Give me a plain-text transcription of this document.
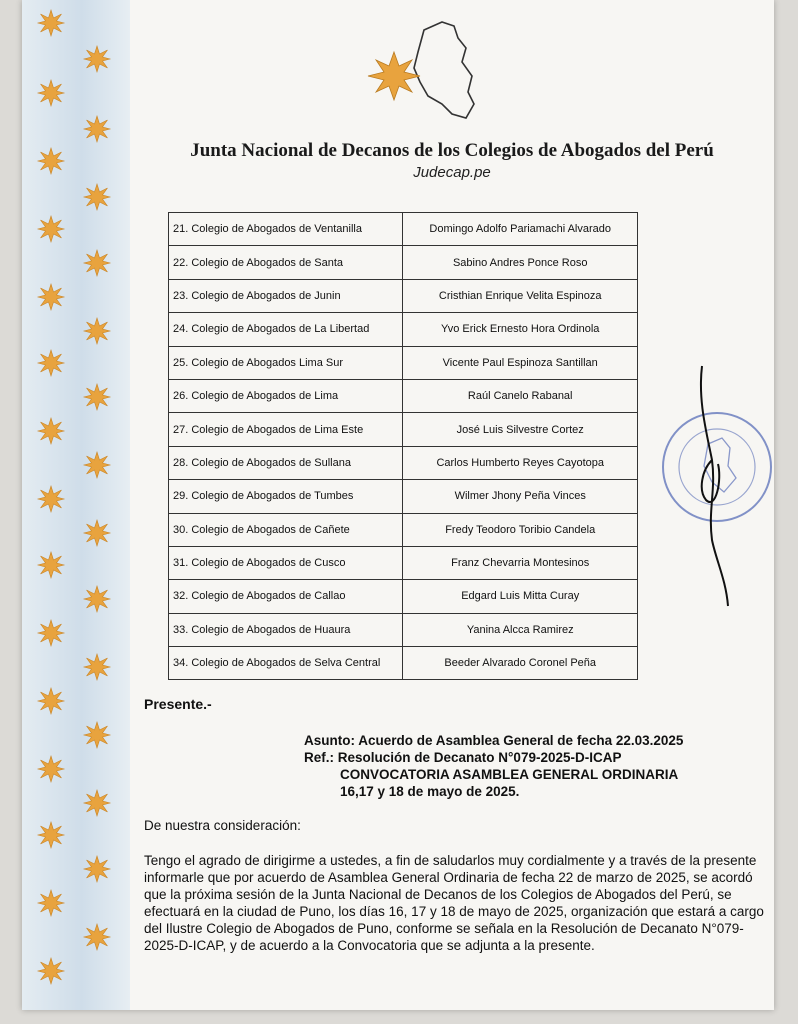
Junta Nacional de Decanos de los Colegios de Abogados del Perú
Judecap.pe
21. Colegio de Abogados de Ventanilla	Domingo Adolfo Pariamachi Alvarado
22. Colegio de Abogados de Santa	Sabino Andres Ponce Roso
23. Colegio de Abogados de Junin	Cristhian Enrique Velita Espinoza
24. Colegio de Abogados de La Libertad	Yvo Erick Ernesto Hora Ordinola
25. Colegio de Abogados Lima Sur	Vicente Paul Espinoza Santillan
26. Colegio de Abogados de Lima	Raúl Canelo Rabanal
27. Colegio de Abogados de Lima Este	José Luis Silvestre Cortez
28. Colegio de Abogados de Sullana	Carlos Humberto Reyes Cayotopa
29. Colegio de Abogados de Tumbes	Wilmer Jhony Peña Vinces
30. Colegio de Abogados de Cañete	Fredy Teodoro Toribio Candela
31. Colegio de Abogados de Cusco	Franz Chevarria Montesinos
32. Colegio de Abogados de Callao	Edgard Luis Mitta Curay
33. Colegio de Abogados de Huaura	Yanina Alcca Ramirez
34. Colegio de Abogados de Selva Central	Beeder Alvarado Coronel Peña
Presente.-
Asunto: Acuerdo de Asamblea General de fecha 22.03.2025
Ref.: Resolución de Decanato N°079-2025-D-ICAP
CONVOCATORIA ASAMBLEA GENERAL ORDINARIA
16,17 y 18 de mayo de 2025.
De nuestra consideración:
Tengo el agrado de dirigirme a ustedes, a fin de saludarlos muy cordialmente y a través de la presente informarle que por acuerdo de Asamblea General Ordinaria de fecha 22 de marzo de 2025, se acordó que la próxima sesión de la Junta Nacional de Decanos de los Colegios de Abogados del Perú, se efectuará en la ciudad de Puno, los días 16, 17 y 18 de mayo de 2025, organización que estará a cargo del Ilustre Colegio de Abogados de Puno, conforme se señala en la Resolución de Decanato N°079-2025-D-ICAP, y de acuerdo a la Convocatoria que se adjunta a la presente.
